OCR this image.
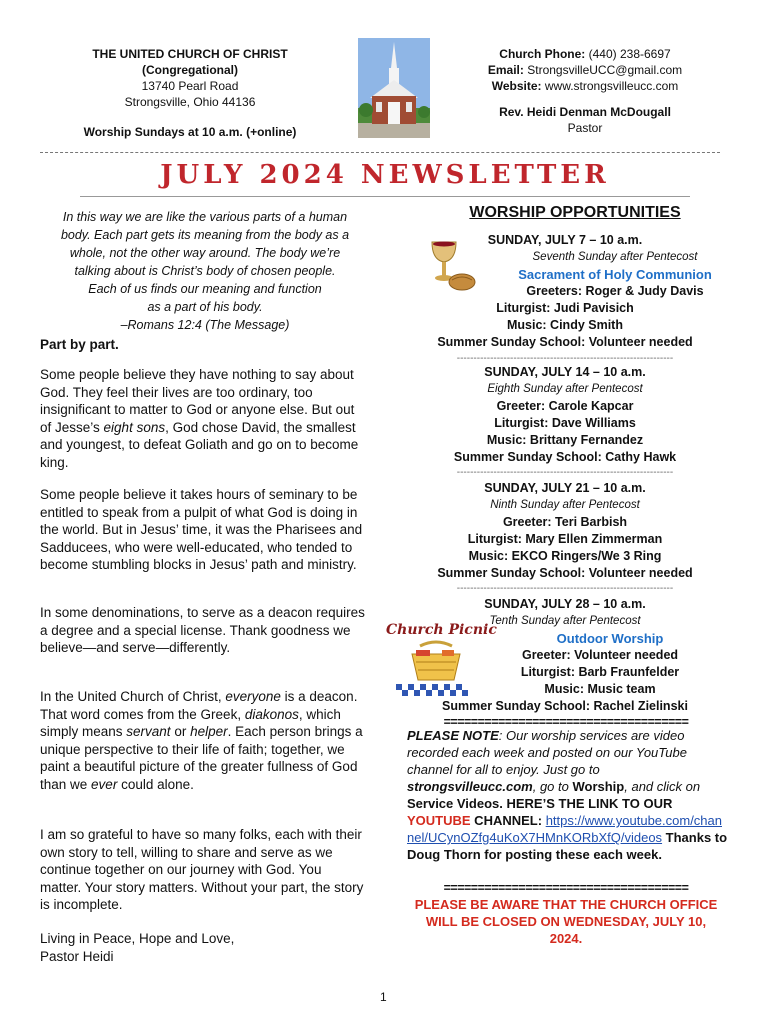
THE UNITED CHURCH OF CHRIST
(Congregational)
13740 Pearl Road
Strongsville, Ohio 44136
Worship Sundays at 10 a.m. (+online)
Church Phone: (440) 238-6697
Email: StrongsvilleUCC@gmail.com
Website: www.strongsvilleucc.com
Rev. Heidi Denman McDougall
Pastor
JULY 2024 NEWSLETTER
In this way we are like the various parts of a human
body. Each part gets its meaning from the body as a
whole, not the other way around. The body we’re
talking about is Christ’s body of chosen people.
Each of us finds our meaning and function
as a part of his body.
–Romans 12:4 (The Message)
Part by part.
Some people believe they have nothing to say about God. They feel their lives are too ordinary, too insignificant to matter to God or anyone else. But out of Jesse’s eight sons, God chose David, the smallest and youngest, to defeat Goliath and go on to become king.
Some people believe it takes hours of seminary to be entitled to speak from a pulpit of what God is doing in the world. But in Jesus’ time, it was the Pharisees and Sadducees, who were well-educated, who tended to become stumbling blocks in Jesus’ path and ministry.
In some denominations, to serve as a deacon requires a degree and a special license. Thank goodness we believe—and serve—differently.
In the United Church of Christ, everyone is a deacon. That word comes from the Greek, diakonos, which simply means servant or helper. Each person brings a unique perspective to their life of faith; together, we paint a beautiful picture of the greater fullness of God than we ever could alone.
I am so grateful to have so many folks, each with their own story to tell, willing to share and serve as we continue together on our journey with God. You matter. Your story matters. Without your part, the story is incomplete.
Living in Peace, Hope and Love,
Pastor Heidi
WORSHIP OPPORTUNITIES
SUNDAY, JULY 7 – 10 a.m.
Seventh Sunday after Pentecost
Sacrament of Holy Communion
Greeters: Roger & Judy Davis
Liturgist: Judi Pavisich
Music: Cindy Smith
Summer Sunday School: Volunteer needed
-----------------------------------------------------------------
SUNDAY, JULY 14 – 10 a.m.
Eighth Sunday after Pentecost
Greeter: Carole Kapcar
Liturgist: Dave Williams
Music: Brittany Fernandez
Summer Sunday School: Cathy Hawk
-----------------------------------------------------------------
SUNDAY, JULY 21 – 10 a.m.
Ninth Sunday after Pentecost
Greeter: Teri Barbish
Liturgist: Mary Ellen Zimmerman
Music: EKCO Ringers/We 3 Ring
Summer Sunday School: Volunteer needed
-----------------------------------------------------------------
SUNDAY, JULY 28 – 10 a.m.
Tenth Sunday after Pentecost
Outdoor Worship
Greeter: Volunteer needed
Liturgist: Barb Fraunfelder
Music: Music team
Summer Sunday School: Rachel Zielinski
Church Picnic
====================================
PLEASE NOTE: Our worship services are video recorded each week and posted on our YouTube channel for all to enjoy. Just go to strongsvilleucc.com, go to Worship, and click on Service Videos. HERE’S THE LINK TO OUR YOUTUBE CHANNEL: https://www.youtube.com/channel/UCynOZfg4uKoX7HMnKORbXfQ/videos Thanks to Doug Thorn for posting these each week.
====================================
PLEASE BE AWARE THAT THE CHURCH OFFICE WILL BE CLOSED ON WEDNESDAY, JULY 10, 2024.
1
